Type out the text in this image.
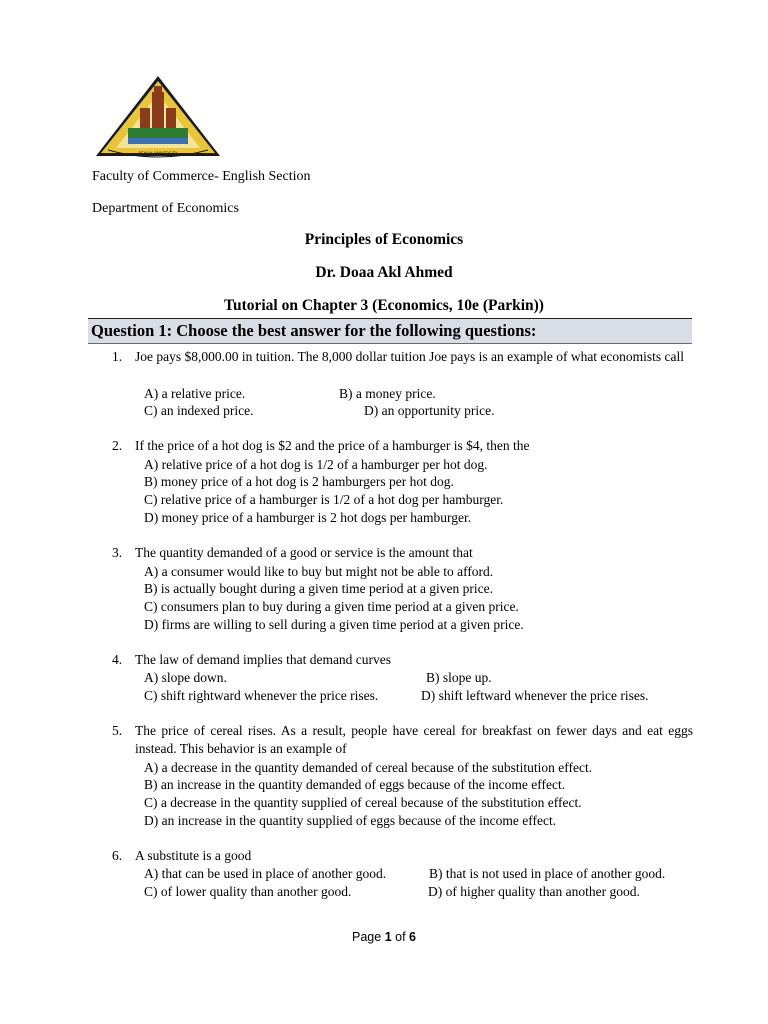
BENHA UNIVERSITY
Faculty of Commerce- English Section
Department of Economics
Principles of Economics
Dr. Doaa Akl Ahmed
Tutorial on Chapter 3 (Economics, 10e (Parkin))
Question 1: Choose the best answer for the following questions:
1. Joe pays $8,000.00 in tuition. The 8,000 dollar tuition Joe pays is an example of what economists call
A) a relative price.	B) a money price.
C) an indexed price.	D) an opportunity price.
2. If the price of a hot dog is $2 and the price of a hamburger is $4, then the
A) relative price of a hot dog is 1/2 of a hamburger per hot dog.
B) money price of a hot dog is 2 hamburgers per hot dog.
C) relative price of a hamburger is 1/2 of a hot dog per hamburger.
D) money price of a hamburger is 2 hot dogs per hamburger.
3. The quantity demanded of a good or service is the amount that
A) a consumer would like to buy but might not be able to afford.
B) is actually bought during a given time period at a given price.
C) consumers plan to buy during a given time period at a given price.
D) firms are willing to sell during a given time period at a given price.
4. The law of demand implies that demand curves
A) slope down.	B) slope up.
C) shift rightward whenever the price rises.	D) shift leftward whenever the price rises.
5. The price of cereal rises. As a result, people have cereal for breakfast on fewer days and eat eggs instead. This behavior is an example of
A) a decrease in the quantity demanded of cereal because of the substitution effect.
B) an increase in the quantity demanded of eggs because of the income effect.
C) a decrease in the quantity supplied of cereal because of the substitution effect.
D) an increase in the quantity supplied of eggs because of the income effect.
6. A substitute is a good
A) that can be used in place of another good.	B) that is not used in place of another good.
C) of lower quality than another good.	D) of higher quality than another good.
Page 1 of 6
